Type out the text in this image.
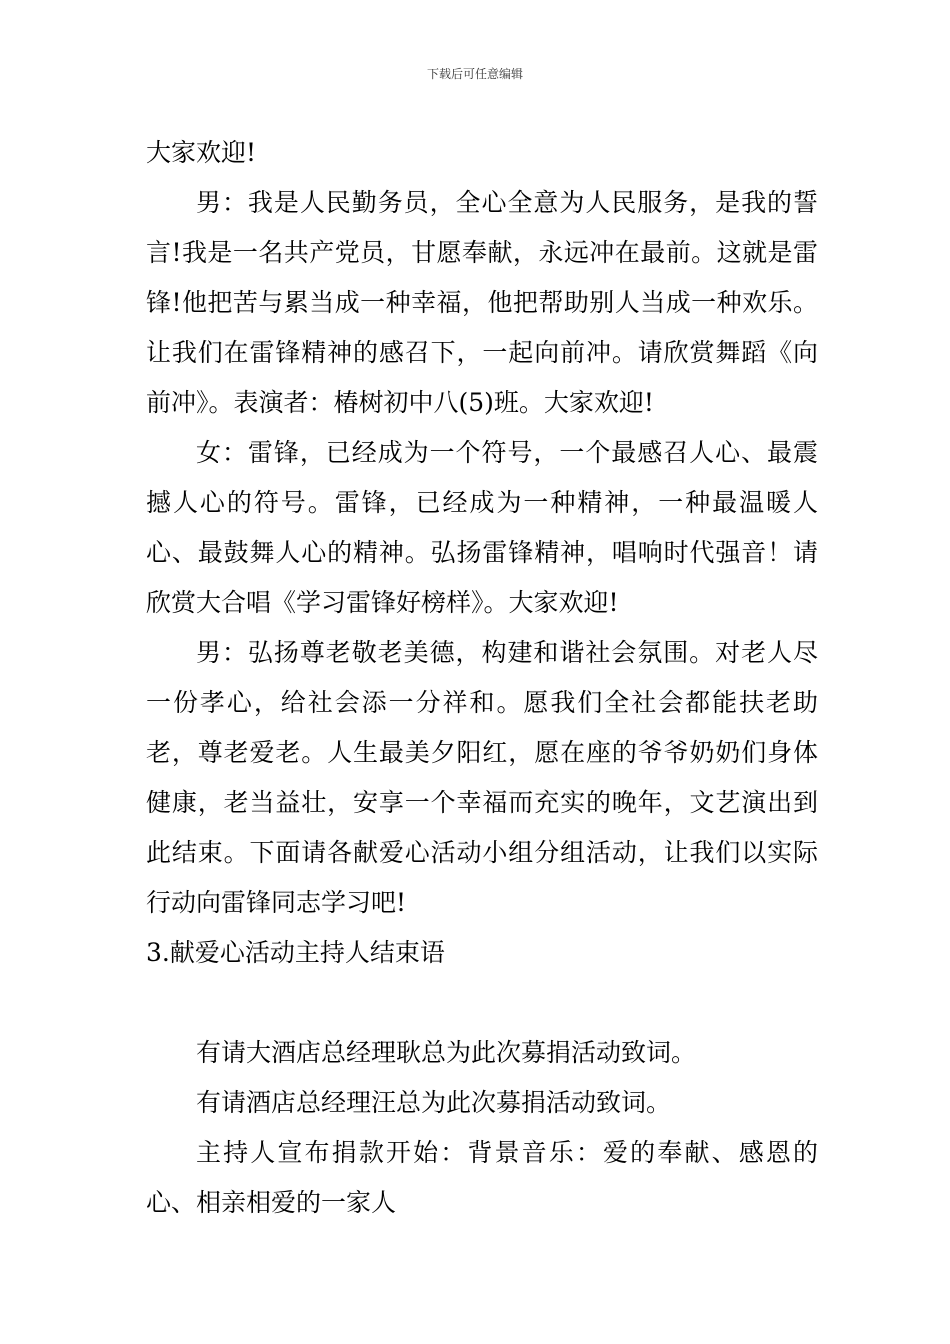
下载后可任意编辑

大家欢迎!

男：我是人民勤务员，全心全意为人民服务，是我的誓言!我是一名共产党员，甘愿奉献，永远冲在最前。这就是雷锋!他把苦与累当成一种幸福，他把帮助别人当成一种欢乐。让我们在雷锋精神的感召下，一起向前冲。请欣赏舞蹈《向前冲》。表演者：椿树初中八(5)班。大家欢迎!

女：雷锋，已经成为一个符号，一个最感召人心、最震撼人心的符号。雷锋，已经成为一种精神，一种最温暖人心、最鼓舞人心的精神。弘扬雷锋精神，唱响时代强音！请欣赏大合唱《学习雷锋好榜样》。大家欢迎!

男：弘扬尊老敬老美德，构建和谐社会氛围。对老人尽一份孝心，给社会添一分祥和。愿我们全社会都能扶老助老，尊老爱老。人生最美夕阳红，愿在座的爷爷奶奶们身体健康，老当益壮，安享一个幸福而充实的晚年，文艺演出到此结束。下面请各献爱心活动小组分组活动，让我们以实际行动向雷锋同志学习吧!

3.献爱心活动主持人结束语

有请大酒店总经理耿总为此次募捐活动致词。

有请酒店总经理汪总为此次募捐活动致词。

主持人宣布捐款开始：背景音乐：爱的奉献、感恩的心、相亲相爱的一家人
